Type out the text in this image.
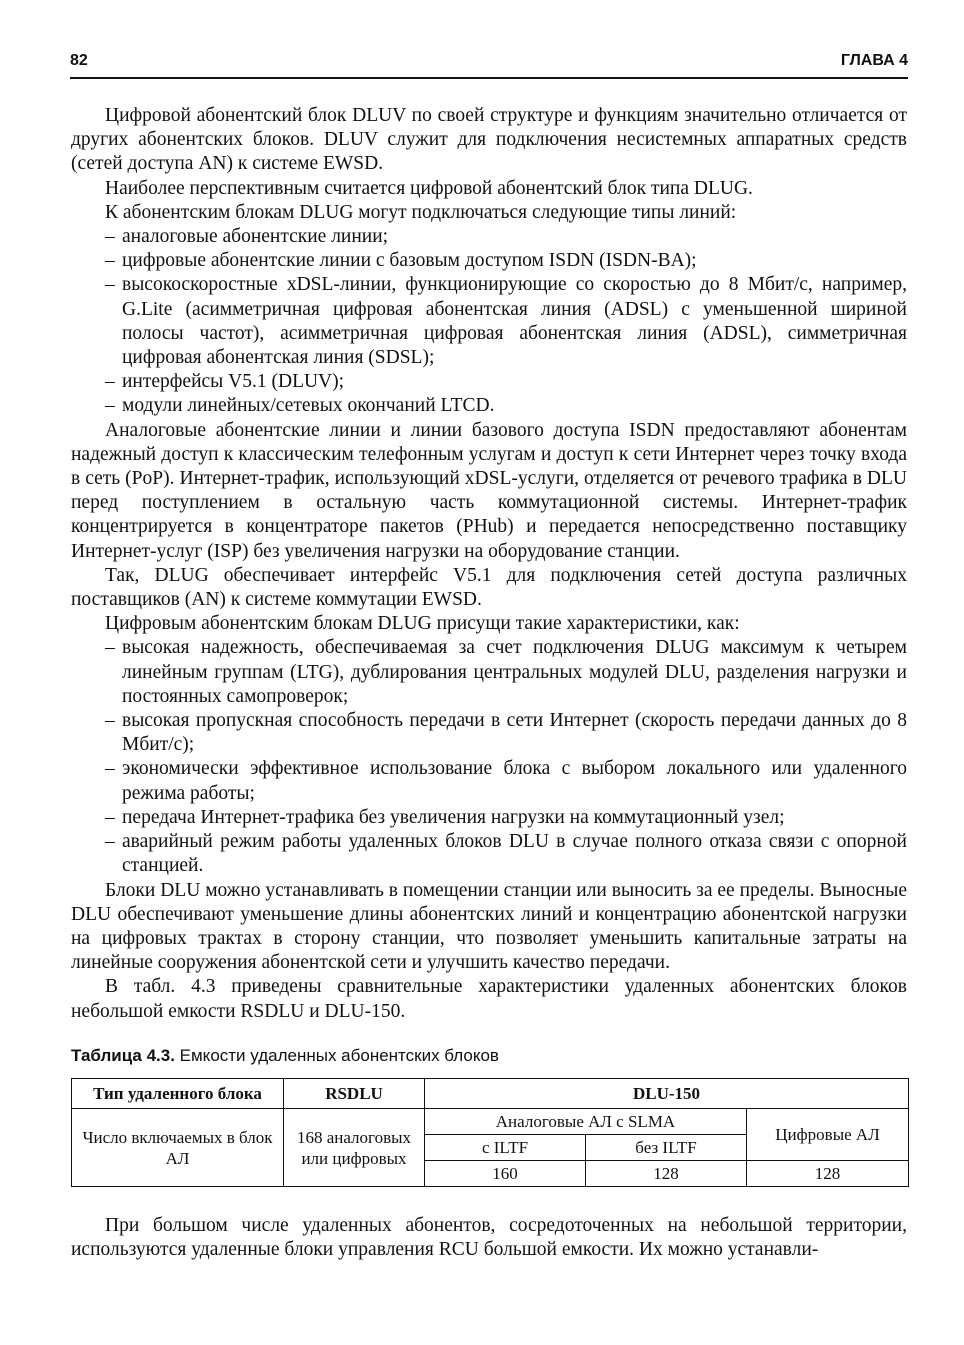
82	ГЛАВА 4

Цифровой абонентский блок DLUV по своей структуре и функциям значительно отличается от других абонентских блоков. DLUV служит для подключения несистемных аппаратных средств (сетей доступа AN) к системе EWSD.

Наиболее перспективным считается цифровой абонентский блок типа DLUG.

К абонентским блокам DLUG могут подключаться следующие типы линий:

– аналоговые абонентские линии;
– цифровые абонентские линии с базовым доступом ISDN (ISDN-BA);
– высокоскоростные xDSL-линии, функционирующие со скоростью до 8 Мбит/с, например, G.Lite (асимметричная цифровая абонентская линия (ADSL) с уменьшенной шириной полосы частот), асимметричная цифровая абонентская линия (ADSL), симметричная цифровая абонентская линия (SDSL);
– интерфейсы V5.1 (DLUV);
– модули линейных/сетевых окончаний LTCD.

Аналоговые абонентские линии и линии базового доступа ISDN предоставляют абонентам надежный доступ к классическим телефонным услугам и доступ к сети Интернет через точку входа в сеть (PoP). Интернет-трафик, использующий xDSL-услуги, отделяется от речевого трафика в DLU перед поступлением в остальную часть коммутационной системы. Интернет-трафик концентрируется в концентраторе пакетов (PHub) и передается непосредственно поставщику Интернет-услуг (ISP) без увеличения нагрузки на оборудование станции.

Так, DLUG обеспечивает интерфейс V5.1 для подключения сетей доступа различных поставщиков (AN) к системе коммутации EWSD.

Цифровым абонентским блокам DLUG присущи такие характеристики, как:

– высокая надежность, обеспечиваемая за счет подключения DLUG максимум к четырем линейным группам (LTG), дублирования центральных модулей DLU, разделения нагрузки и постоянных самопроверок;
– высокая пропускная способность передачи в сети Интернет (скорость передачи данных до 8 Мбит/с);
– экономически эффективное использование блока с выбором локального или удаленного режима работы;
– передача Интернет-трафика без увеличения нагрузки на коммутационный узел;
– аварийный режим работы удаленных блоков DLU в случае полного отказа связи с опорной станцией.

Блоки DLU можно устанавливать в помещении станции или выносить за ее пределы. Выносные DLU обеспечивают уменьшение длины абонентских линий и концентрацию абонентской нагрузки на цифровых трактах в сторону станции, что позволяет уменьшить капитальные затраты на линейные сооружения абонентской сети и улучшить качество передачи.

В табл. 4.3 приведены сравнительные характеристики удаленных абонентских блоков небольшой емкости RSDLU и DLU-150.

Таблица 4.3. Емкости удаленных абонентских блоков
Тип удаленного блока	RSDLU	DLU-150		
Число включаемых в блок АЛ	168 аналоговых или цифровых	Аналоговые АЛ с SLMA		Цифровые АЛ
		с ILTF	без ILTF	
		160	128	128

При большом числе удаленных абонентов, сосредоточенных на небольшой территории, используются удаленные блоки управления RCU большой емкости. Их можно устанавли-
